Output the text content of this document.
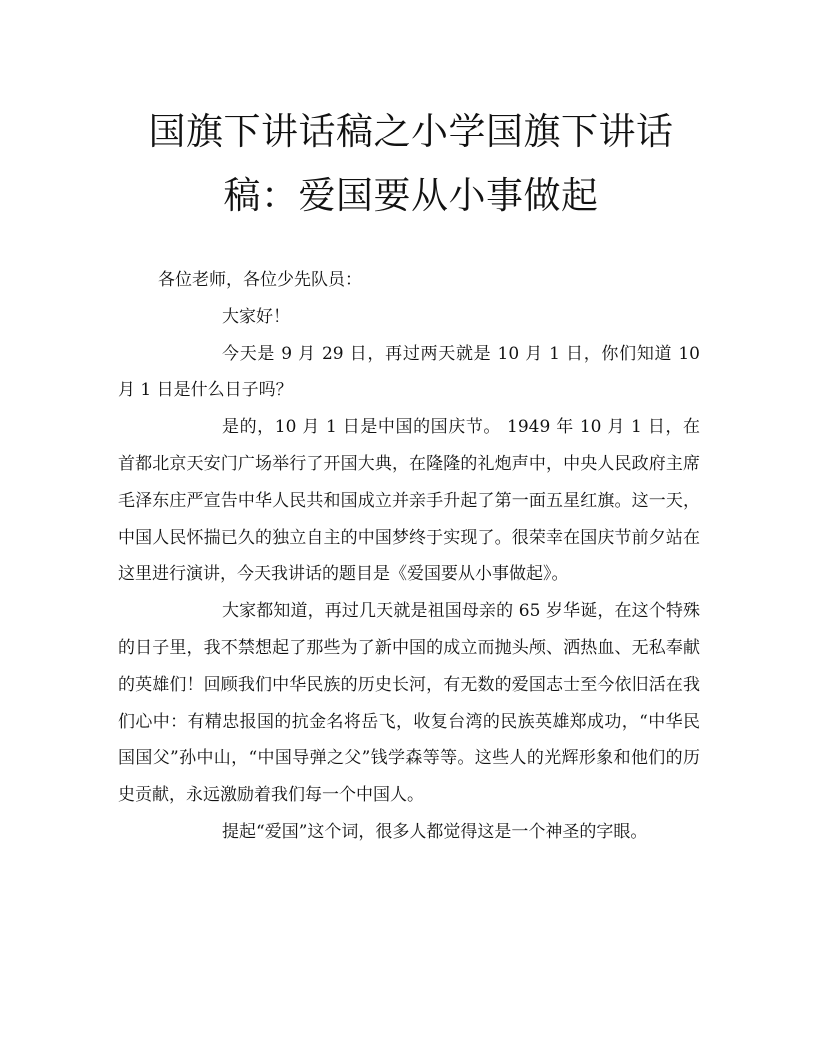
国旗下讲话稿之小学国旗下讲话稿：爱国要从小事做起

各位老师，各位少先队员：

大家好！

今天是 9 月 29 日，再过两天就是 10 月 1 日，你们知道 10 月 1 日是什么日子吗？

是的，10 月 1 日是中国的国庆节。 1949 年 10 月 1 日，在首都北京天安门广场举行了开国大典，在隆隆的礼炮声中，中央人民政府主席毛泽东庄严宣告中华人民共和国成立并亲手升起了第一面五星红旗。这一天，中国人民怀揣已久的独立自主的中国梦终于实现了。很荣幸在国庆节前夕站在这里进行演讲，今天我讲话的题目是《爱国要从小事做起》。

大家都知道，再过几天就是祖国母亲的 65 岁华诞，在这个特殊的日子里，我不禁想起了那些为了新中国的成立而抛头颅、洒热血、无私奉献的英雄们！回顾我们中华民族的历史长河，有无数的爱国志士至今依旧活在我们心中：有精忠报国的抗金名将岳飞，收复台湾的民族英雄郑成功，“中华民国国父”孙中山，“中国导弹之父”钱学森等等。这些人的光辉形象和他们的历史贡献，永远激励着我们每一个中国人。

提起“爱国”这个词，很多人都觉得这是一个神圣的字眼。
